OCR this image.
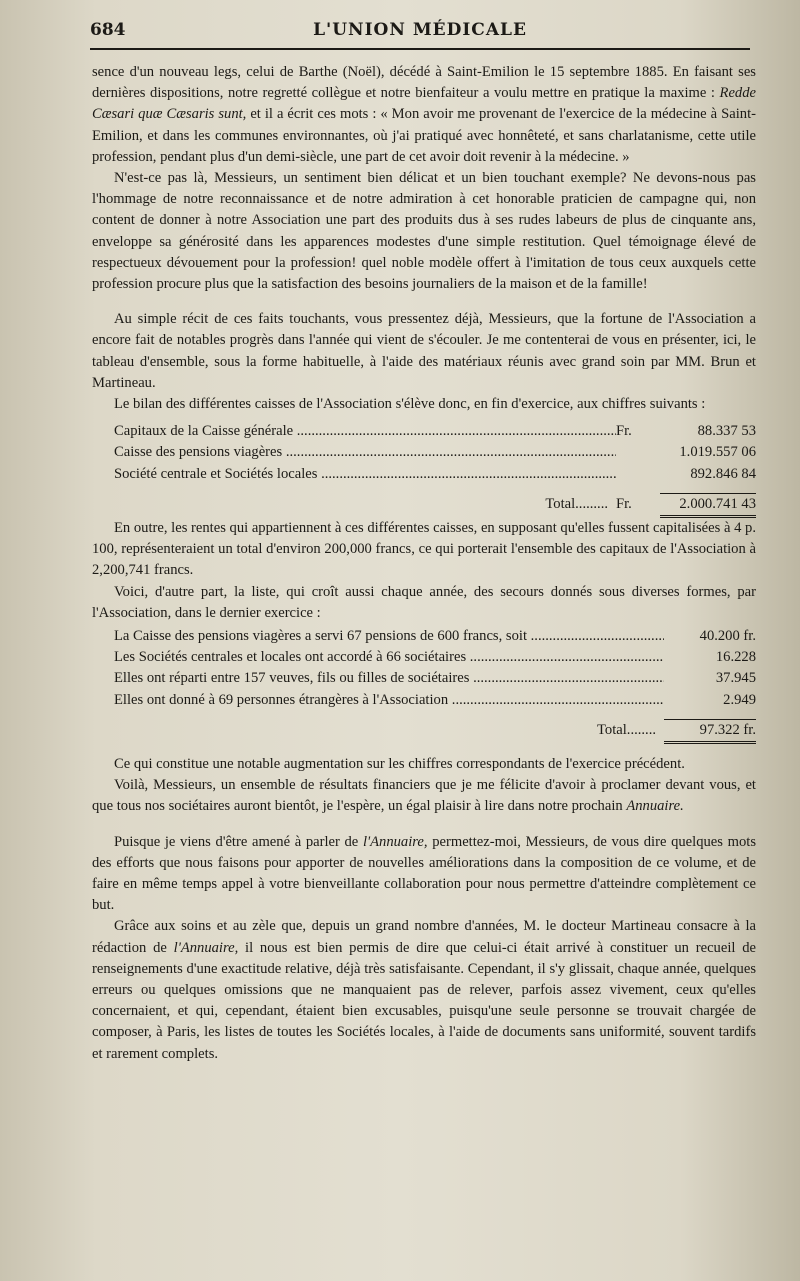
684	L'UNION MÉDICALE

sence d'un nouveau legs, celui de Barthe (Noël), décédé à Saint-Emilion le 15 septembre 1885. En faisant ses dernières dispositions, notre regretté collègue et notre bienfaiteur a voulu mettre en pratique la maxime : Redde Cæsari quæ Cæsaris sunt, et il a écrit ces mots : « Mon avoir me provenant de l'exercice de la médecine à Saint-Emilion, et dans les communes environnantes, où j'ai pratiqué avec honnêteté, et sans charlatanisme, cette utile profession, pendant plus d'un demi-siècle, une part de cet avoir doit revenir à la médecine. »

N'est-ce pas là, Messieurs, un sentiment bien délicat et un bien touchant exemple? Ne devons-nous pas l'hommage de notre reconnaissance et de notre admiration à cet honorable praticien de campagne qui, non content de donner à notre Association une part des produits dus à ses rudes labeurs de plus de cinquante ans, enveloppe sa générosité dans les apparences modestes d'une simple restitution. Quel témoignage élevé de respectueux dévouement pour la profession! quel noble modèle offert à l'imitation de tous ceux auxquels cette profession procure plus que la satisfaction des besoins journaliers de la maison et de la famille!

Au simple récit de ces faits touchants, vous pressentez déjà, Messieurs, que la fortune de l'Association a encore fait de notables progrès dans l'année qui vient de s'écouler. Je me contenterai de vous en présenter, ici, le tableau d'ensemble, sous la forme habituelle, à l'aide des matériaux réunis avec grand soin par MM. Brun et Martineau.

Le bilan des différentes caisses de l'Association s'élève donc, en fin d'exercice, aux chiffres suivants :

Capitaux de la Caisse générale .....	Fr.	88.337 53
Caisse des pensions viagères .....	1.019.557 06
Société centrale et Sociétés locales .....	892.846 84
Total......... Fr.	2.000.741 43

En outre, les rentes qui appartiennent à ces différentes caisses, en supposant qu'elles fussent capitalisées à 4 p. 100, représenteraient un total d'environ 200,000 francs, ce qui porterait l'ensemble des capitaux de l'Association à 2,200,741 francs.

Voici, d'autre part, la liste, qui croît aussi chaque année, des secours donnés sous diverses formes, par l'Association, dans le dernier exercice :

La Caisse des pensions viagères a servi 67 pensions de 600 francs, soit .....	40.200 fr.
Les Sociétés centrales et locales ont accordé à 66 sociétaires .....	16.228
Elles ont réparti entre 157 veuves, fils ou filles de sociétaires .....	37.945
Elles ont donné à 69 personnes étrangères à l'Association .....	2.949
Total........	97.322 fr.

Ce qui constitue une notable augmentation sur les chiffres correspondants de l'exercice précédent.

Voilà, Messieurs, un ensemble de résultats financiers que je me félicite d'avoir à proclamer devant vous, et que tous nos sociétaires auront bientôt, je l'espère, un égal plaisir à lire dans notre prochain Annuaire.

Puisque je viens d'être amené à parler de l'Annuaire, permettez-moi, Messieurs, de vous dire quelques mots des efforts que nous faisons pour apporter de nouvelles améliorations dans la composition de ce volume, et de faire en même temps appel à votre bienveillante collaboration pour nous permettre d'atteindre complètement ce but.

Grâce aux soins et au zèle que, depuis un grand nombre d'années, M. le docteur Martineau consacre à la rédaction de l'Annuaire, il nous est bien permis de dire que celui-ci était arrivé à constituer un recueil de renseignements d'une exactitude relative, déjà très satisfaisante. Cependant, il s'y glissait, chaque année, quelques erreurs ou quelques omissions que ne manquaient pas de relever, parfois assez vivement, ceux qu'elles concernaient, et qui, cependant, étaient bien excusables, puisqu'une seule personne se trouvait chargée de composer, à Paris, les listes de toutes les Sociétés locales, à l'aide de documents sans uniformité, souvent tardifs et rarement complets.
